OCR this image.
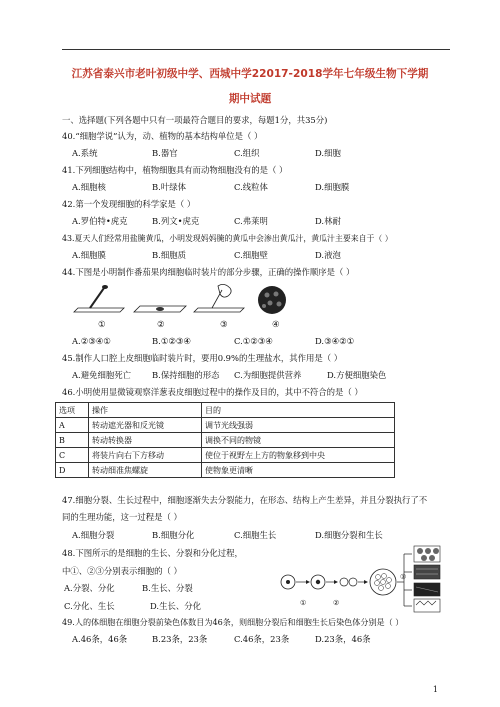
江苏省泰兴市老叶初级中学、西城中学22017-2018学年七年级生物下学期
期中试题
一、选择题(下列各题中只有一项最符合题目的要求，每题1分，共35分)
40.“细胞学说”认为，动、植物的基本结构单位是（ ）
A.系统	B.器官	C.组织	D.细胞
41.下列细胞结构中，植物细胞具有而动物细胞没有的是（ ）
A.细胞核	B.叶绿体	C.线粒体	D.细胞膜
42.第一个发现细胞的科学家是（ ）
A.罗伯特•虎克	B.列文•虎克	C.弗莱明	D.林耐
43.夏天人们经常用盐腌黄瓜，小明发现妈妈腌的黄瓜中会渗出黄瓜汁，黄瓜汁主要来自于（ ）
A.细胞膜	B.细胞质	C.细胞壁	D.液泡
44.下图是小明制作番茄果肉细胞临时装片的部分步骤，正确的操作顺序是（ ）
①	②	③	④
A.②③④①	B.①②③④	C.①②③④	D.③④②①
45.制作人口腔上皮细胞临时装片时，要用0.9%的生理盐水，其作用是（ ）
A.避免细胞死亡	B.保持细胞的形态 C.为细胞提供营养	D.方便细胞染色
46.小明使用显微镜观察洋葱表皮细胞过程中的操作及目的，其中不符合的是（ ）
选项	操作	目的
A	转动遮光器和反光镜	调节光线强弱
B	转动转换器	调换不同的物镜
C	将装片向右下方移动	使位于视野左上方的物象移到中央
D	转动细准焦螺旋	使物象更清晰
47.细胞分裂、生长过程中，细胞逐渐失去分裂能力，在形态、结构上产生差异，并且分裂执行了不
同的生理功能，这一过程是（ ）
A.细胞分裂	B.细胞分化	C.细胞生长	D.细胞分裂和生长
48.下图所示的是细胞的生长、分裂和分化过程，
中①、②③分别表示细胞的（ ）
A.分裂、分化	B.生长、分裂
C.分化、生长	D.生长、分化	①	②
③
49.人的体细胞在细胞分裂前染色体数目为46条，则细胞分裂后和细胞生长后染色体分别是（ ）
A.46条，46条	B.23条，23条	C.46条，23条	D.23条，46条
1
